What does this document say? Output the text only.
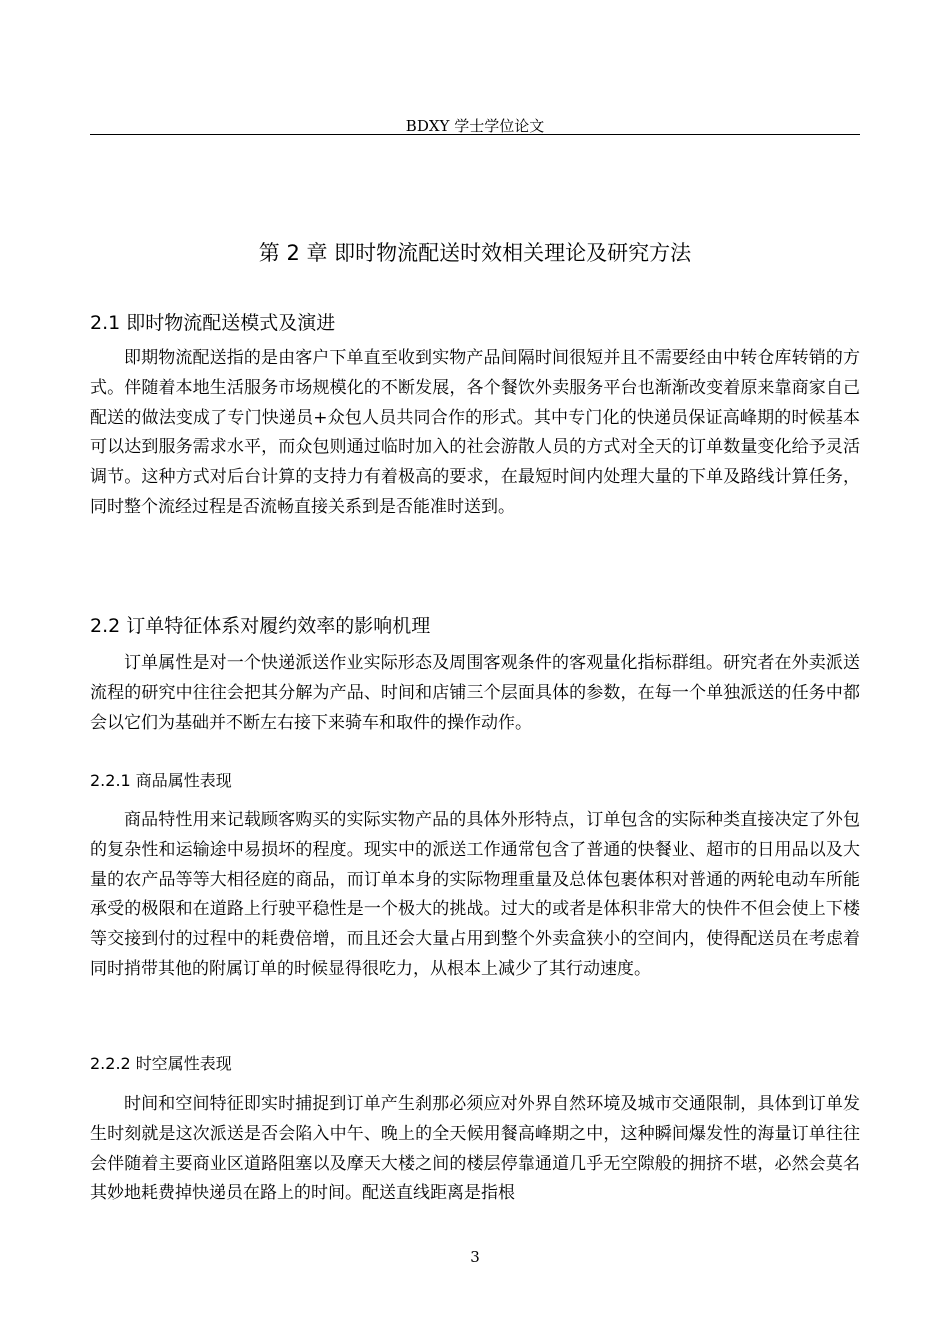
BDXY 学士学位论文
第 2 章 即时物流配送时效相关理论及研究方法
2.1 即时物流配送模式及演进

即期物流配送指的是由客户下单直至收到实物产品间隔时间很短并且不需要经由中转仓库转销的方式。伴随着本地生活服务市场规模化的不断发展，各个餐饮外卖服务平台也渐渐改变着原来靠商家自己配送的做法变成了专门快递员+众包人员共同合作的形式。其中专门化的快递员保证高峰期的时候基本可以达到服务需求水平，而众包则通过临时加入的社会游散人员的方式对全天的订单数量变化给予灵活调节。这种方式对后台计算的支持力有着极高的要求，在最短时间内处理大量的下单及路线计算任务，同时整个流经过程是否流畅直接关系到是否能准时送到。

2.2 订单特征体系对履约效率的影响机理

订单属性是对一个快递派送作业实际形态及周围客观条件的客观量化指标群组。研究者在外卖派送流程的研究中往往会把其分解为产品、时间和店铺三个层面具体的参数，在每一个单独派送的任务中都会以它们为基础并不断左右接下来骑车和取件的操作动作。

2.2.1 商品属性表现

商品特性用来记载顾客购买的实际实物产品的具体外形特点，订单包含的实际种类直接决定了外包的复杂性和运输途中易损坏的程度。现实中的派送工作通常包含了普通的快餐业、超市的日用品以及大量的农产品等等大相径庭的商品，而订单本身的实际物理重量及总体包裹体积对普通的两轮电动车所能承受的极限和在道路上行驶平稳性是一个极大的挑战。过大的或者是体积非常大的快件不但会使上下楼等交接到付的过程中的耗费倍增，而且还会大量占用到整个外卖盒狭小的空间内，使得配送员在考虑着同时捎带其他的附属订单的时候显得很吃力，从根本上减少了其行动速度。

2.2.2 时空属性表现

时间和空间特征即实时捕捉到订单产生刹那必须应对外界自然环境及城市交通限制，具体到订单发生时刻就是这次派送是否会陷入中午、晚上的全天候用餐高峰期之中，这种瞬间爆发性的海量订单往往会伴随着主要商业区道路阻塞以及摩天大楼之间的楼层停靠通道几乎无空隙般的拥挤不堪，必然会莫名其妙地耗费掉快递员在路上的时间。配送直线距离是指根

3
